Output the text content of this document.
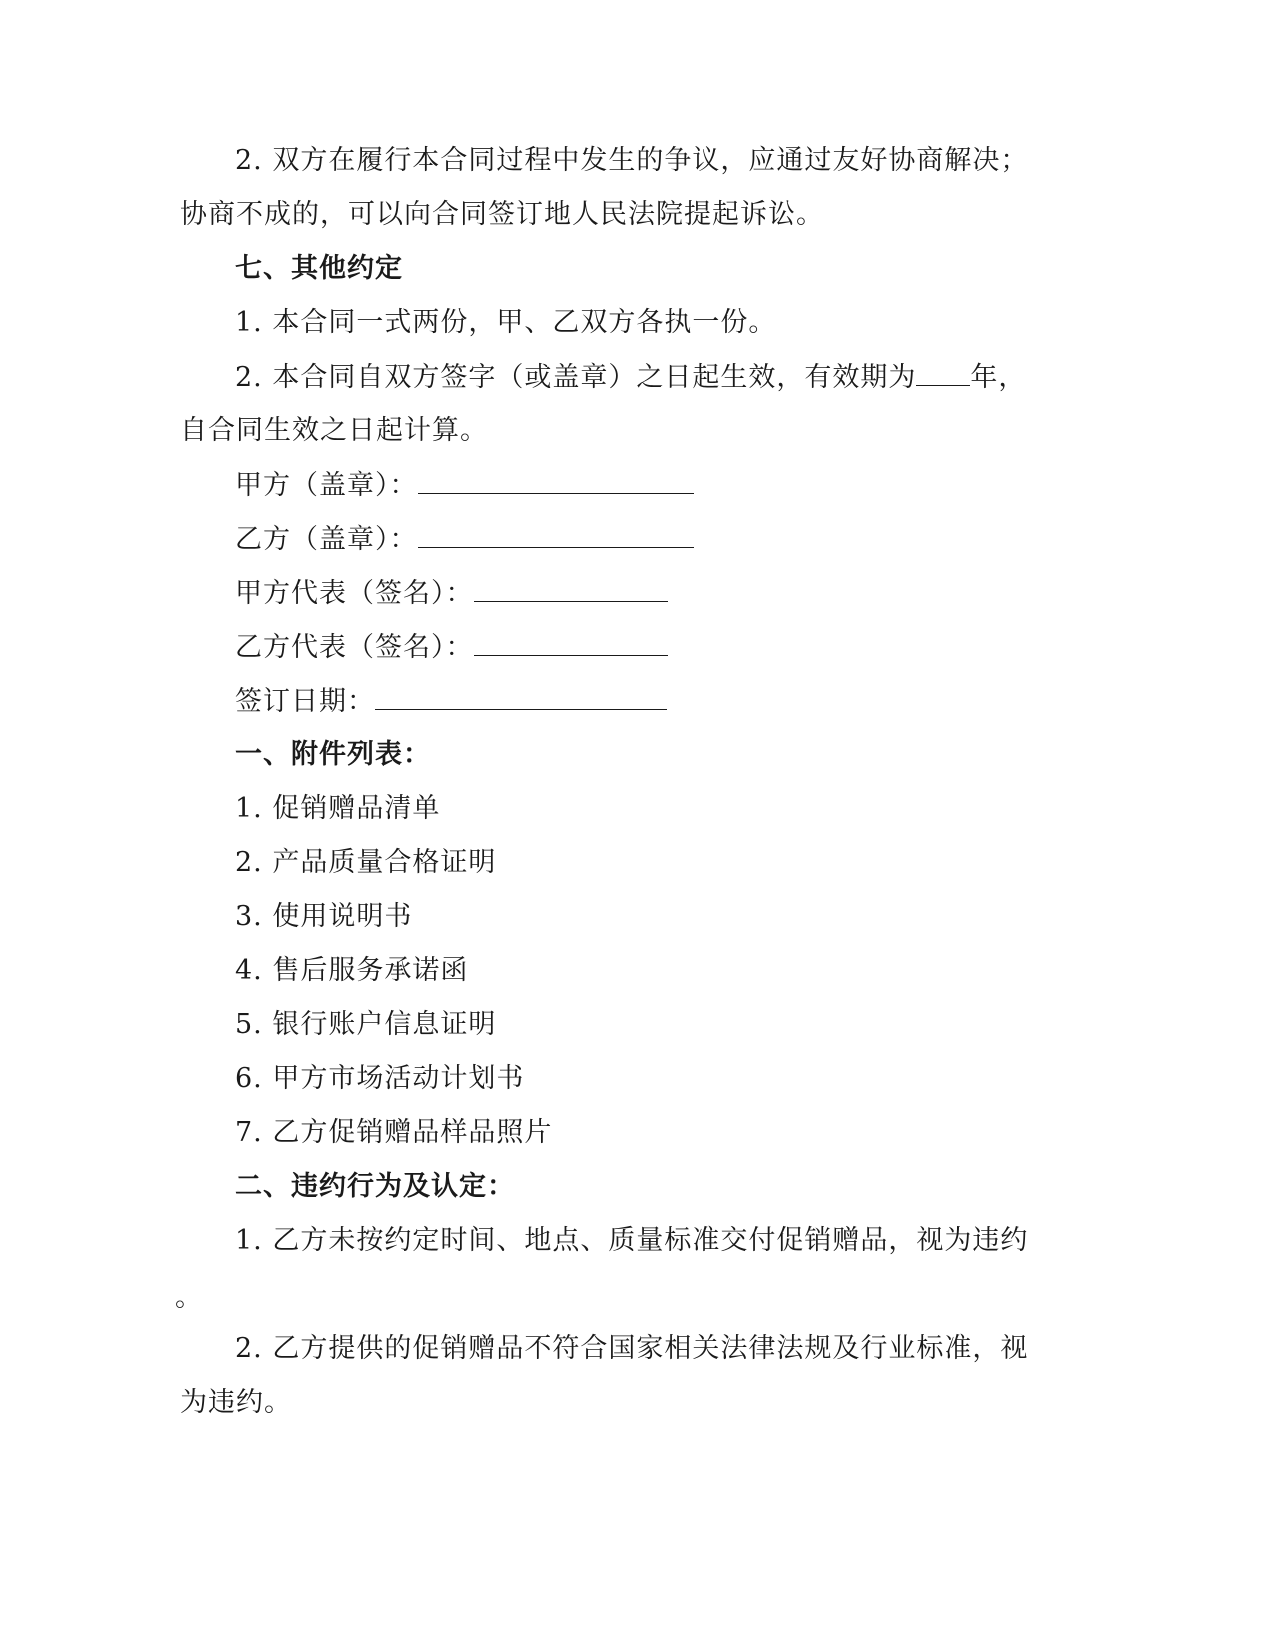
2. 双方在履行本合同过程中发生的争议，应通过友好协商解决；
协商不成的，可以向合同签订地人民法院提起诉讼。
七、其他约定
1. 本合同一式两份，甲、乙双方各执一份。
2. 本合同自双方签字（或盖章）之日起生效，有效期为 年，
自合同生效之日起计算。
甲方（盖章）：
乙方（盖章）：
甲方代表（签名）：
乙方代表（签名）：
签订日期：
一、附件列表：
1. 促销赠品清单
2. 产品质量合格证明
3. 使用说明书
4. 售后服务承诺函
5. 银行账户信息证明
6. 甲方市场活动计划书
7. 乙方促销赠品样品照片
二、违约行为及认定：
1. 乙方未按约定时间、地点、质量标准交付促销赠品，视为违约
。
2. 乙方提供的促销赠品不符合国家相关法律法规及行业标准，视
为违约。
